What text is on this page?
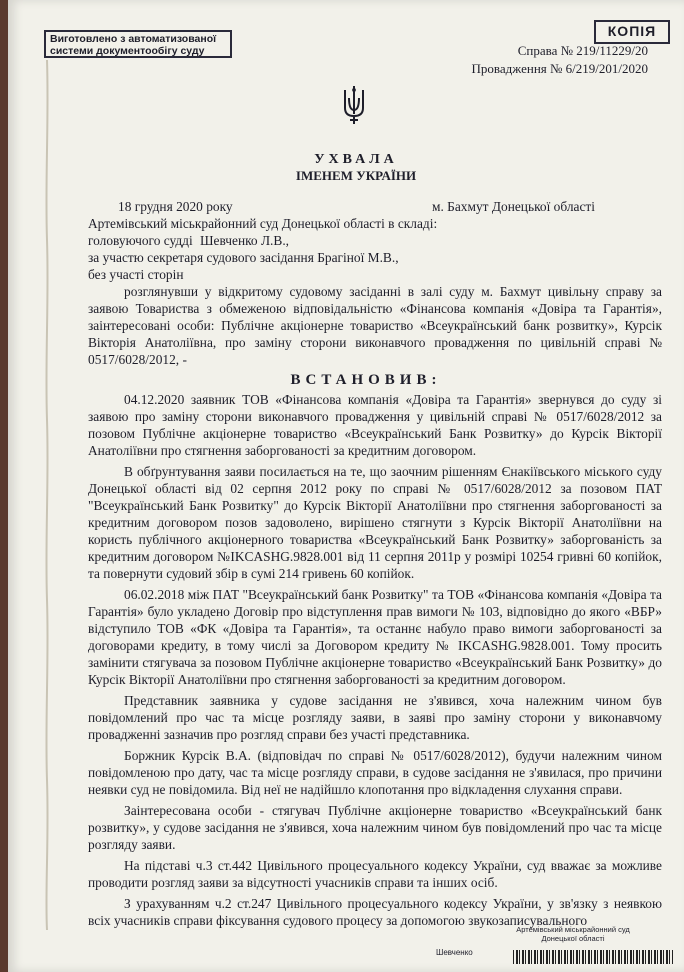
Виготовлено з автоматизованої
системи документообігу суду
КОПІЯ
Справа № 219/11229/20
Провадження № 6/219/201/2020
УХВАЛА
ІМЕНЕМ УКРАЇНИ
18 грудня 2020 року	м. Бахмут Донецької області
Артемівський міськрайонний суд Донецької області в складі:
головуючого судді Шевченко Л.В.,
за участю секретаря судового засідання Брагіної М.В.,
без участі сторін

розглянувши у відкритому судовому засіданні в залі суду м. Бахмут цивільну справу за заявою Товариства з обмеженою відповідальністю «Фінансова компанія «Довіра та Гарантія», заінтересовані особи: Публічне акціонерне товариство «Всеукраїнський банк розвитку», Курсік Вікторія Анатоліївна, про заміну сторони виконавчого провадження по цивільній справі № 0517/6028/2012, -

ВСТАНОВИВ:

04.12.2020 заявник ТОВ «Фінансова компанія «Довіра та Гарантія» звернувся до суду зі заявою про заміну сторони виконавчого провадження у цивільній справі № 0517/6028/2012 за позовом Публічне акціонерне товариство «Всеукраїнський Банк Розвитку» до Курсік Вікторії Анатоліївни про стягнення заборгованості за кредитним договором.

В обґрунтування заяви посилається на те, що заочним рішенням Єнакіївського міського суду Донецької області від 02 серпня 2012 року по справі № 0517/6028/2012 за позовом ПАТ "Всеукраїнський Банк Розвитку" до Курсік Вікторії Анатоліївни про стягнення заборгованості за кредитним договором позов задоволено, вирішено стягнути з Курсік Вікторії Анатоліївни на користь публічного акціонерного товариства «Всеукраїнський Банк Розвитку» заборгованість за кредитним договором №IKCASHG.9828.001 від 11 серпня 2011р у розмірі 10254 гривні 60 копійок, та повернути судовий збір в сумі 214 гривень 60 копійок.

06.02.2018 між ПАТ "Всеукраїнський банк Розвитку" та ТОВ «Фінансова компанія «Довіра та Гарантія» було укладено Договір про відступлення прав вимоги № 103, відповідно до якого «ВБР» відступило ТОВ «ФК «Довіра та Гарантія», та останнє набуло право вимоги заборгованості за договорами кредиту, в тому числі за Договором кредиту № IKCASHG.9828.001. Тому просить замінити стягувача за позовом Публічне акціонерне товариство «Всеукраїнський Банк Розвитку» до Курсік Вікторії Анатоліївни про стягнення заборгованості за кредитним договором.

Представник заявника у судове засідання не з'явився, хоча належним чином був повідомлений про час та місце розгляду заяви, в заяві про заміну сторони у виконавчому провадженні зазначив про розгляд справи без участі представника.

Боржник Курсік В.А. (відповідач по справі № 0517/6028/2012), будучи належним чином повідомленою про дату, час та місце розгляду справи, в судове засідання не з'явилася, про причини неявки суд не повідомила. Від неї не надійшло клопотання про відкладення слухання справи.

Заінтересована особи - стягувач Публічне акціонерне товариство «Всеукраїнський банк розвитку», у судове засідання не з'явився, хоча належним чином був повідомлений про час та місце розгляду заяви.

На підставі ч.3 ст.442 Цивільного процесуального кодексу України, суд вважає за можливе проводити розгляд заяви за відсутності учасників справи та інших осіб.

З урахуванням ч.2 ст.247 Цивільного процесуального кодексу України, у зв'язку з неявкою всіх учасників справи фіксування судового процесу за допомогою звукозаписувального

Артемівський міськрайонний суд
Донецької області
Шевченко
